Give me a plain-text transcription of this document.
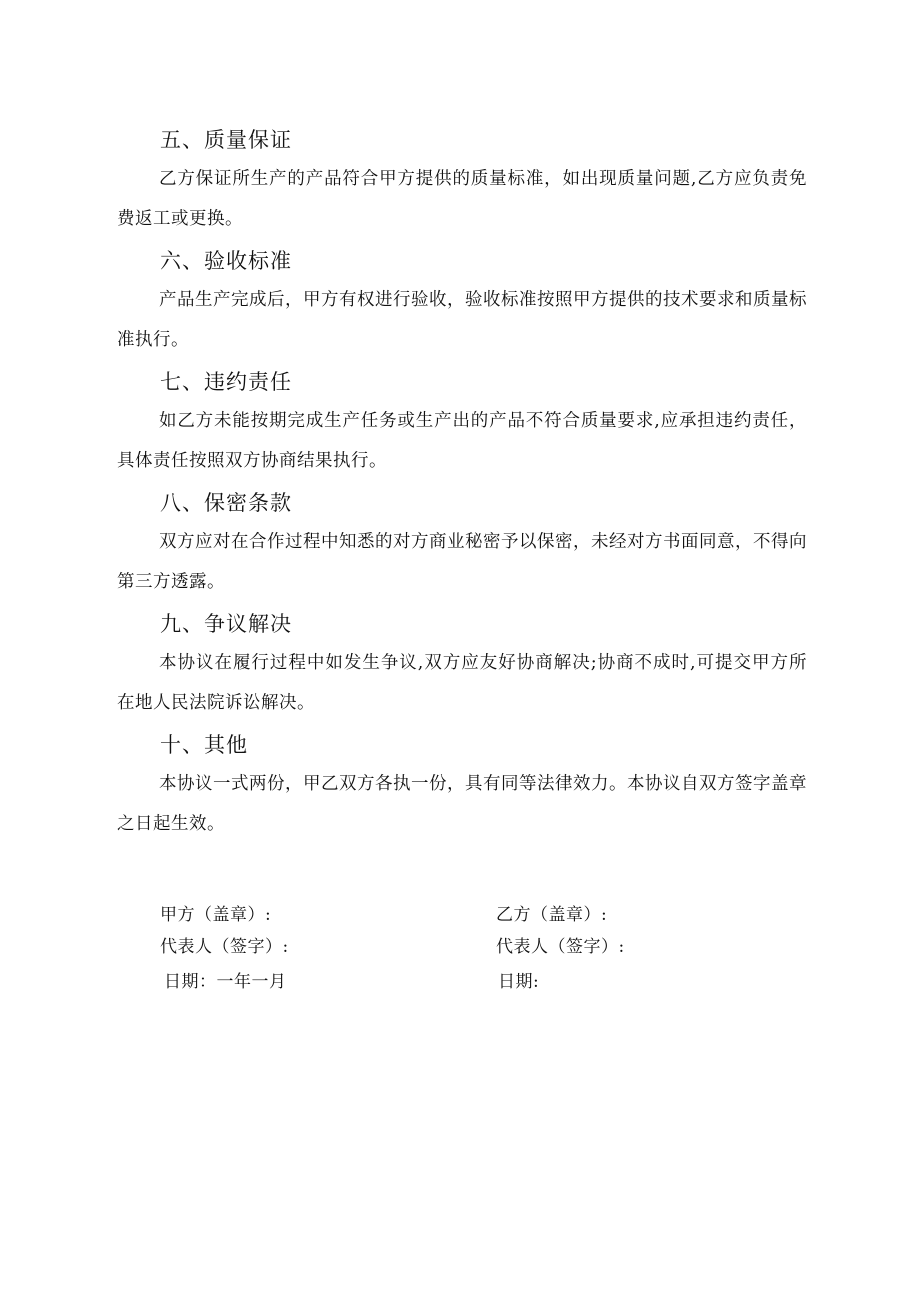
五、质量保证
乙方保证所生产的产品符合甲方提供的质量标准，如出现质量问题,乙方应负责免费返工或更换。
六、验收标准
产品生产完成后，甲方有权进行验收，验收标准按照甲方提供的技术要求和质量标准执行。
七、违约责任
如乙方未能按期完成生产任务或生产出的产品不符合质量要求,应承担违约责任，具体责任按照双方协商结果执行。
八、保密条款
双方应对在合作过程中知悉的对方商业秘密予以保密，未经对方书面同意，不得向第三方透露。
九、争议解决
本协议在履行过程中如发生争议,双方应友好协商解决;协商不成时,可提交甲方所在地人民法院诉讼解决。
十、其他
本协议一式两份，甲乙双方各执一份，具有同等法律效力。本协议自双方签字盖章之日起生效。
甲方（盖章）:
代表人（签字）:
日期：一年一月
乙方（盖章）:
代表人（签字）:
日期:
